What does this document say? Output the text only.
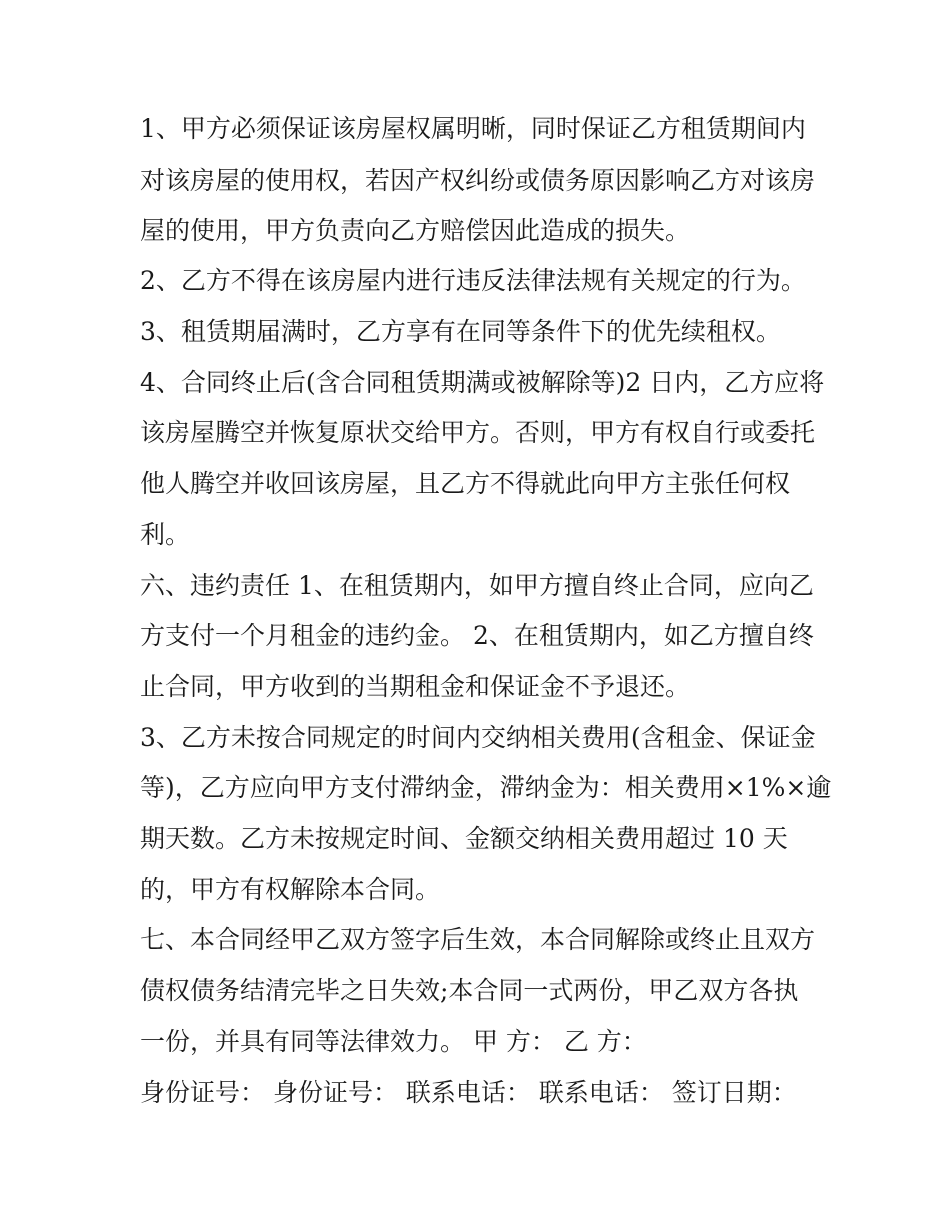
1、甲方必须保证该房屋权属明晰，同时保证乙方租赁期间内
对该房屋的使用权，若因产权纠纷或债务原因影响乙方对该房
屋的使用，甲方负责向乙方赔偿因此造成的损失。
2、乙方不得在该房屋内进行违反法律法规有关规定的行为。
3、租赁期届满时，乙方享有在同等条件下的优先续租权。
4、合同终止后(含合同租赁期满或被解除等)2 日内，乙方应将
该房屋腾空并恢复原状交给甲方。否则，甲方有权自行或委托
他人腾空并收回该房屋，且乙方不得就此向甲方主张任何权
利。
六、违约责任 1、在租赁期内，如甲方擅自终止合同，应向乙
方支付一个月租金的违约金。 2、在租赁期内，如乙方擅自终
止合同，甲方收到的当期租金和保证金不予退还。
3、乙方未按合同规定的时间内交纳相关费用(含租金、保证金
等)，乙方应向甲方支付滞纳金，滞纳金为：相关费用×1%×逾
期天数。乙方未按规定时间、金额交纳相关费用超过 10 天
的，甲方有权解除本合同。
七、本合同经甲乙双方签字后生效，本合同解除或终止且双方
债权债务结清完毕之日失效;本合同一式两份，甲乙双方各执
一份，并具有同等法律效力。 甲 方： 乙 方：
身份证号： 身份证号： 联系电话： 联系电话： 签订日期：
